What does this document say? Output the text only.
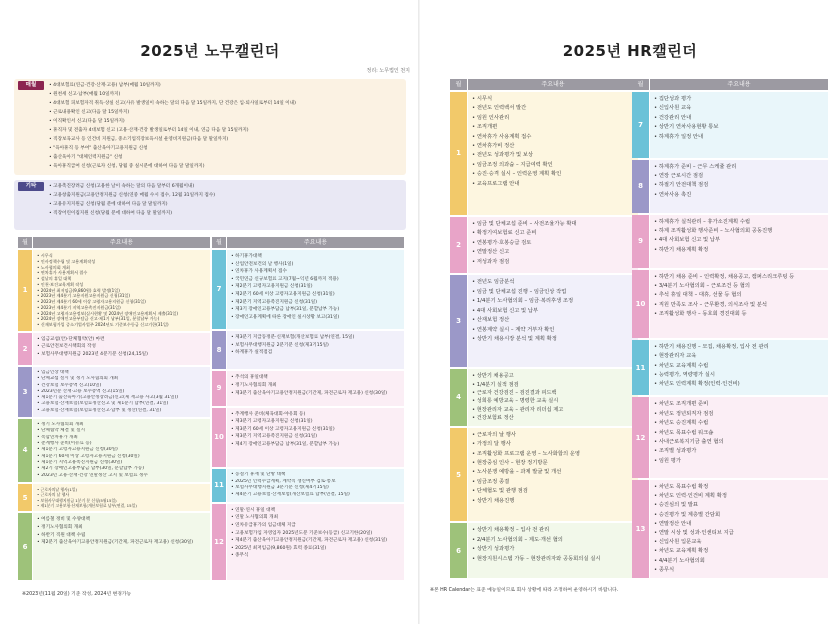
2025년 노무캘린더
정리: 노무법인 천지
매월	• 4대보험료(연금·건강·산재·고용) 납부(매월 10일까지)
• 원천세 신고·납부(매월 10일까지)
• 4대보험 피보험자격 취득·상실 신고(사유 발생일이 속하는 달의 다음 달 15일까지, 단 건강은 입·퇴사일로부터 14일 이내)
• 근로내용확인 신고(다음 달 15일까지)
• 이직확인서 신고(다음 달 15일까지)
• 휴직자 및 전출자 4대보험 신고 (고용·산재·건강 발생일로부터 14일 이내, 연금 다음 달 15일까지)
• 직장보육교사 등 인건비 지원금, 중소기업직장보육시설 운영비지원금(다음 달 말일까지)
• "육아휴직 등 부여" 출산육아기고용지원금 신청
• 출산육아기 "대체인력지원금" 신청
• 육아휴직급여 신청(근로자 신청, 당월 중 실시분에 대하여 다음 달 말일까지)
기타	• 고용촉진장려금 신청(고용한 날이 속하는 달의 다음 달부터 6개월이내)
• 고용창출지원금(고용안정지원금 신청(연중 매월 수시 접수, 12월 31일까지 접수)
• 고용유지지원금 신청(당월 분에 대하여 다음 달 말일까지)
• 직장어린이집지원 신청(당월 분에 대하여 다음 달 말일까지)
월	주요내용
1
• 시무식
• 인사정책수립 및 고용계획작성
• 노사협의회 개최
• 연차휴가 사용계획서 접수
• 설날의 휴일 대책
• 인천·보건교육계획 작성
• 2024년 최저임금(9,860원) 효력 발생(1일)
• 2023년 제4분기 고용지원고용지원금 신청(31일)
• 2023년 제4분기 60세 이상 고령자고용지원금 신청(31일)
• 2023년 제4분기 지역고용촉진지원금(31일)
• 2024년 고령자고용정보(실시현황 및 2024년 장애인고용계획서 제출(31일)
• 2024년 장애인고용부담금 신고·제1기 납부(31일, 분할납부 가능)
• 신재보험가입 증소기업사업주 2024년도 기준보수등급 신고기한(31일)
2
• 임금교섭(안)·단체협약(안) 마련
• 근로안전보건시책회의 작성
• 보험사무대행지원금 2023년 4분기분 신청(24,15일)
3
• 임금인상 대책
• 단체교섭 실시 및 정기 노사협의회 개최
• 건강보험 보수총액 신고(10일)
• 2023년분 산재·고용 보수총액 신고(15일)
• 제1분기 출산육아기(고용안정장려금)신고(제 재고용 사고(3월 31일))
• 고용보험·산재보험(보험료정산신고 및 제1분기 납부(연결, 31일)
• 고용보험·산재보험(보험료정산신고·납부 및 정산(연결, 31일)
4
• 정기 노사협의회 개최
• 단체협약 체결 및 실시
• 복합연차휴가 개최
• 춘계행사 준비(이유료 등)
• 제1분기 고령자고용지원금 신청(30일)
• 제1분기 60세 이상 고령자고용지원금 신청(30일)
• 제1분기 지역고용촉진지원금 신청(30일)
• 제2기 장애인고용부담금 납부(30일, 분할납부 가능)
• 2023년 고용·산재·건강 연말정산 고지 및 보험료 정수
5
• 근로자의날 행사(1일)
• 근로자의 날 행사
• 보험사무대행지원금 1분기 분 신청(5월15일)
• 제1분기 고용보험·산재보험(개산보험료 납부(연결, 15일)
6
• 여름철 정비 및 수양대책
• 정기노사협의회 개최
• 하반기 직원 대책 수립
• 제2분기 출산육아기고용안정지원금(기간제, 파견근로자 재고용) 신청(30일)
월	주요내용
7
• 하기휴가대책
• 산업안전보건의 날 행사(1일)
• 연차휴가 사용계획서 접수
• 국민연금 신규보험료 고지(7월~익년 6월까지 적용)
• 제2분기 고령자고용지원금 신청(31일)
• 제2분기 60세 이상 고령자고용지원금 신청(31일)
• 제2분기 지역고용촉진지원금 신청(31일)
• 제3기 장애인고용부담금 납부(31일, 분할납부 가능)
• 장애인고용계획에 따른 장애인 실시상황 보고(31일)
8
• 제3분기 지급동정분·신재보험(개산보험료 납부(연결, 15일)
• 보험사무대행지원금 2분기분 신청(제3기15일)
• 하계휴가 실적점검
9
• 추석의 휴일대책
• 정기노사협의회 개최
• 제3분기 출산육아기고용안정지원금(기간제, 파견근로자 재고용) 신청(30일)
10
• 추계행사 준비(체육대회·야유회 등)
• 제3분기 고령자고용지원금 신청(31일)
• 제3분기 60세 이상 고령자고용지원금 신청(31일)
• 제3분기 지역고용촉진지원금 신청(31일)
• 제4기 장애인고용부담금 납부(31일, 분할납부 가능)
11
• 동절기 휴재 및 난방 대책
• 2025년 인력수급계획, 계약직 갱신여부 검토·통보
• 보험사무대행지원금 3분기분 신청(제4기15일)
• 제4분기 고용보험·산재보험(개산보험료 납부(연결, 15일)
12
• 연말·연시 휴일 대책
• 연말 노사협의회 개최
• 연차유급휴가의 임금대체 지급
• 고용보험가입 자영업자 2025년도분 기준보수(등급) 신고기한(20일)
• 제4분기 출산육아기고용안정지원금(기간제, 파견근로자 재고용) 신청(31일)
• 2025년 최저임금(9,860원) 효력 종료(31일)
• 종무식
※2023년(11월 20일) 기준 작성, 2024년 변경가능
2025년 HR캘린더
월	주요내용
1
• 시무식
• 전년도 인력백서 발간
• 임원 인사관리
• 조직개편
• 연차휴가 사용계획 접수
• 연차휴가비 정산
• 전년도 성과평가 및 보상
• 임금조정 의과슘 – 지급여력 확인
• 승진·승격 실시 – 인력운영 계획 확인
• 교육프로그램 안내
2
• 임금 및 단체교섭 준비 – 사전조율가능 확대
• 확정기여보험료 신고 준비
• 연봉평가·호봉승급 검토
• 연말정산 신고
• 저성과자 점검
3
• 전년도 임금분석
• 임금 및 단체교섭 진행 – 임금인상 작업
• 1/4분기 노사협의회 – 임금·복리후생 조정
• 4대 사회보험 신고 및 납부
• 산재보험 정산
• 연봉계약 실시 – 계약 거부자 확인
• 상반기 채용시장 분석 및 계획 확정
4
• 상반기 채용공고
• 1/4분기 실적 점검
• 근로자 건강검진 – 검진결과 피드백
• 성희롱 예방교육 – 명령한 교육 실시
• 현장관리자 교육 – 관리자 리더십 제고
• 건강보험료 정산
5
• 근로자의 날 행사
• 가정의 달 행사
• 조직활성화 프로그램 운영 – 노사화합의 운영
• 현장중심 인사 – 현장 정기방문
• 노사분쟁 예방을 – 과제 발굴 및 개선
• 임금조정 종결
• 단체협도 및 관행 점검
• 상반기 채용진행
6
• 상반기 채용확정 – 입사 전 관리
• 2/4분기 노사협의회 – 제도·개선 협의
• 상반기 성과평가
• 현장지원시스템 가동 – 현장관리자와 공동회의실 실시
월	주요내용
7
• 집단성과 평가
• 신입사원 교육
• 건강관리 안내
• 상반기 연차사용현황 통보
• 하계휴가 일정 안내
8
• 하계휴가 준비 – 근무 스케쥴 관리
• 연장 근로시간 점검
• 하절기 안전대책 점검
• 연차사용 촉진
9
• 하계휴가 실적관리 – 휴가소진계획 수립
• 하계 조직활성화 행사준비 – 노사협의회 공동진행
• 4대 사회보험 신고 및 납부
• 하반기 채용계획 확정
10
• 하반기 채용 준비 – 인력확정, 채용공고, 캠퍼스리크루팅 등
• 3/4분기 노사협의회 – 근로조건 등 협의
• 추석 휴일 대책 – 대휴, 선물 등 협의
• 직원 만족도 조사 – 근무환경, 의식조사 및 분석
• 조직활성화 행사 – 동호회 경진대회 등
11
• 하반기 채용진행 – 모집, 채용확정, 입사 전 관리
• 현장관리자 교육
• 차년도 교육계획 수립
• 능력평가, 역량평가 실시
• 차년도 인력계획 확정(인력·인건비)
12
• 차년도 조직개편 준비
• 차년도 정년퇴직자 점검
• 차년도 승진계획 수립
• 차년도 목표수립 워크숍
• 사내근로복지기금 출연 협의
• 조직별 성과평가
• 임원 평가
13
• 차년도 목표수립 확정
• 차년도 인력·인건비 계획 확정
• 승진심의 및 발표
• 승진평가 및 계층별 간담회
• 연말정산 안내
• 연말 시상 및 성과·인센티브 지급
• 신입사원 입문교육
• 차년도 교육계획 확정
• 4/4분기 노사협의회
• 종무식
※본 HR Calendar는 표준 예능일이므로 회사 상황에 따라 조정하여 운영하시기 바랍니다.
